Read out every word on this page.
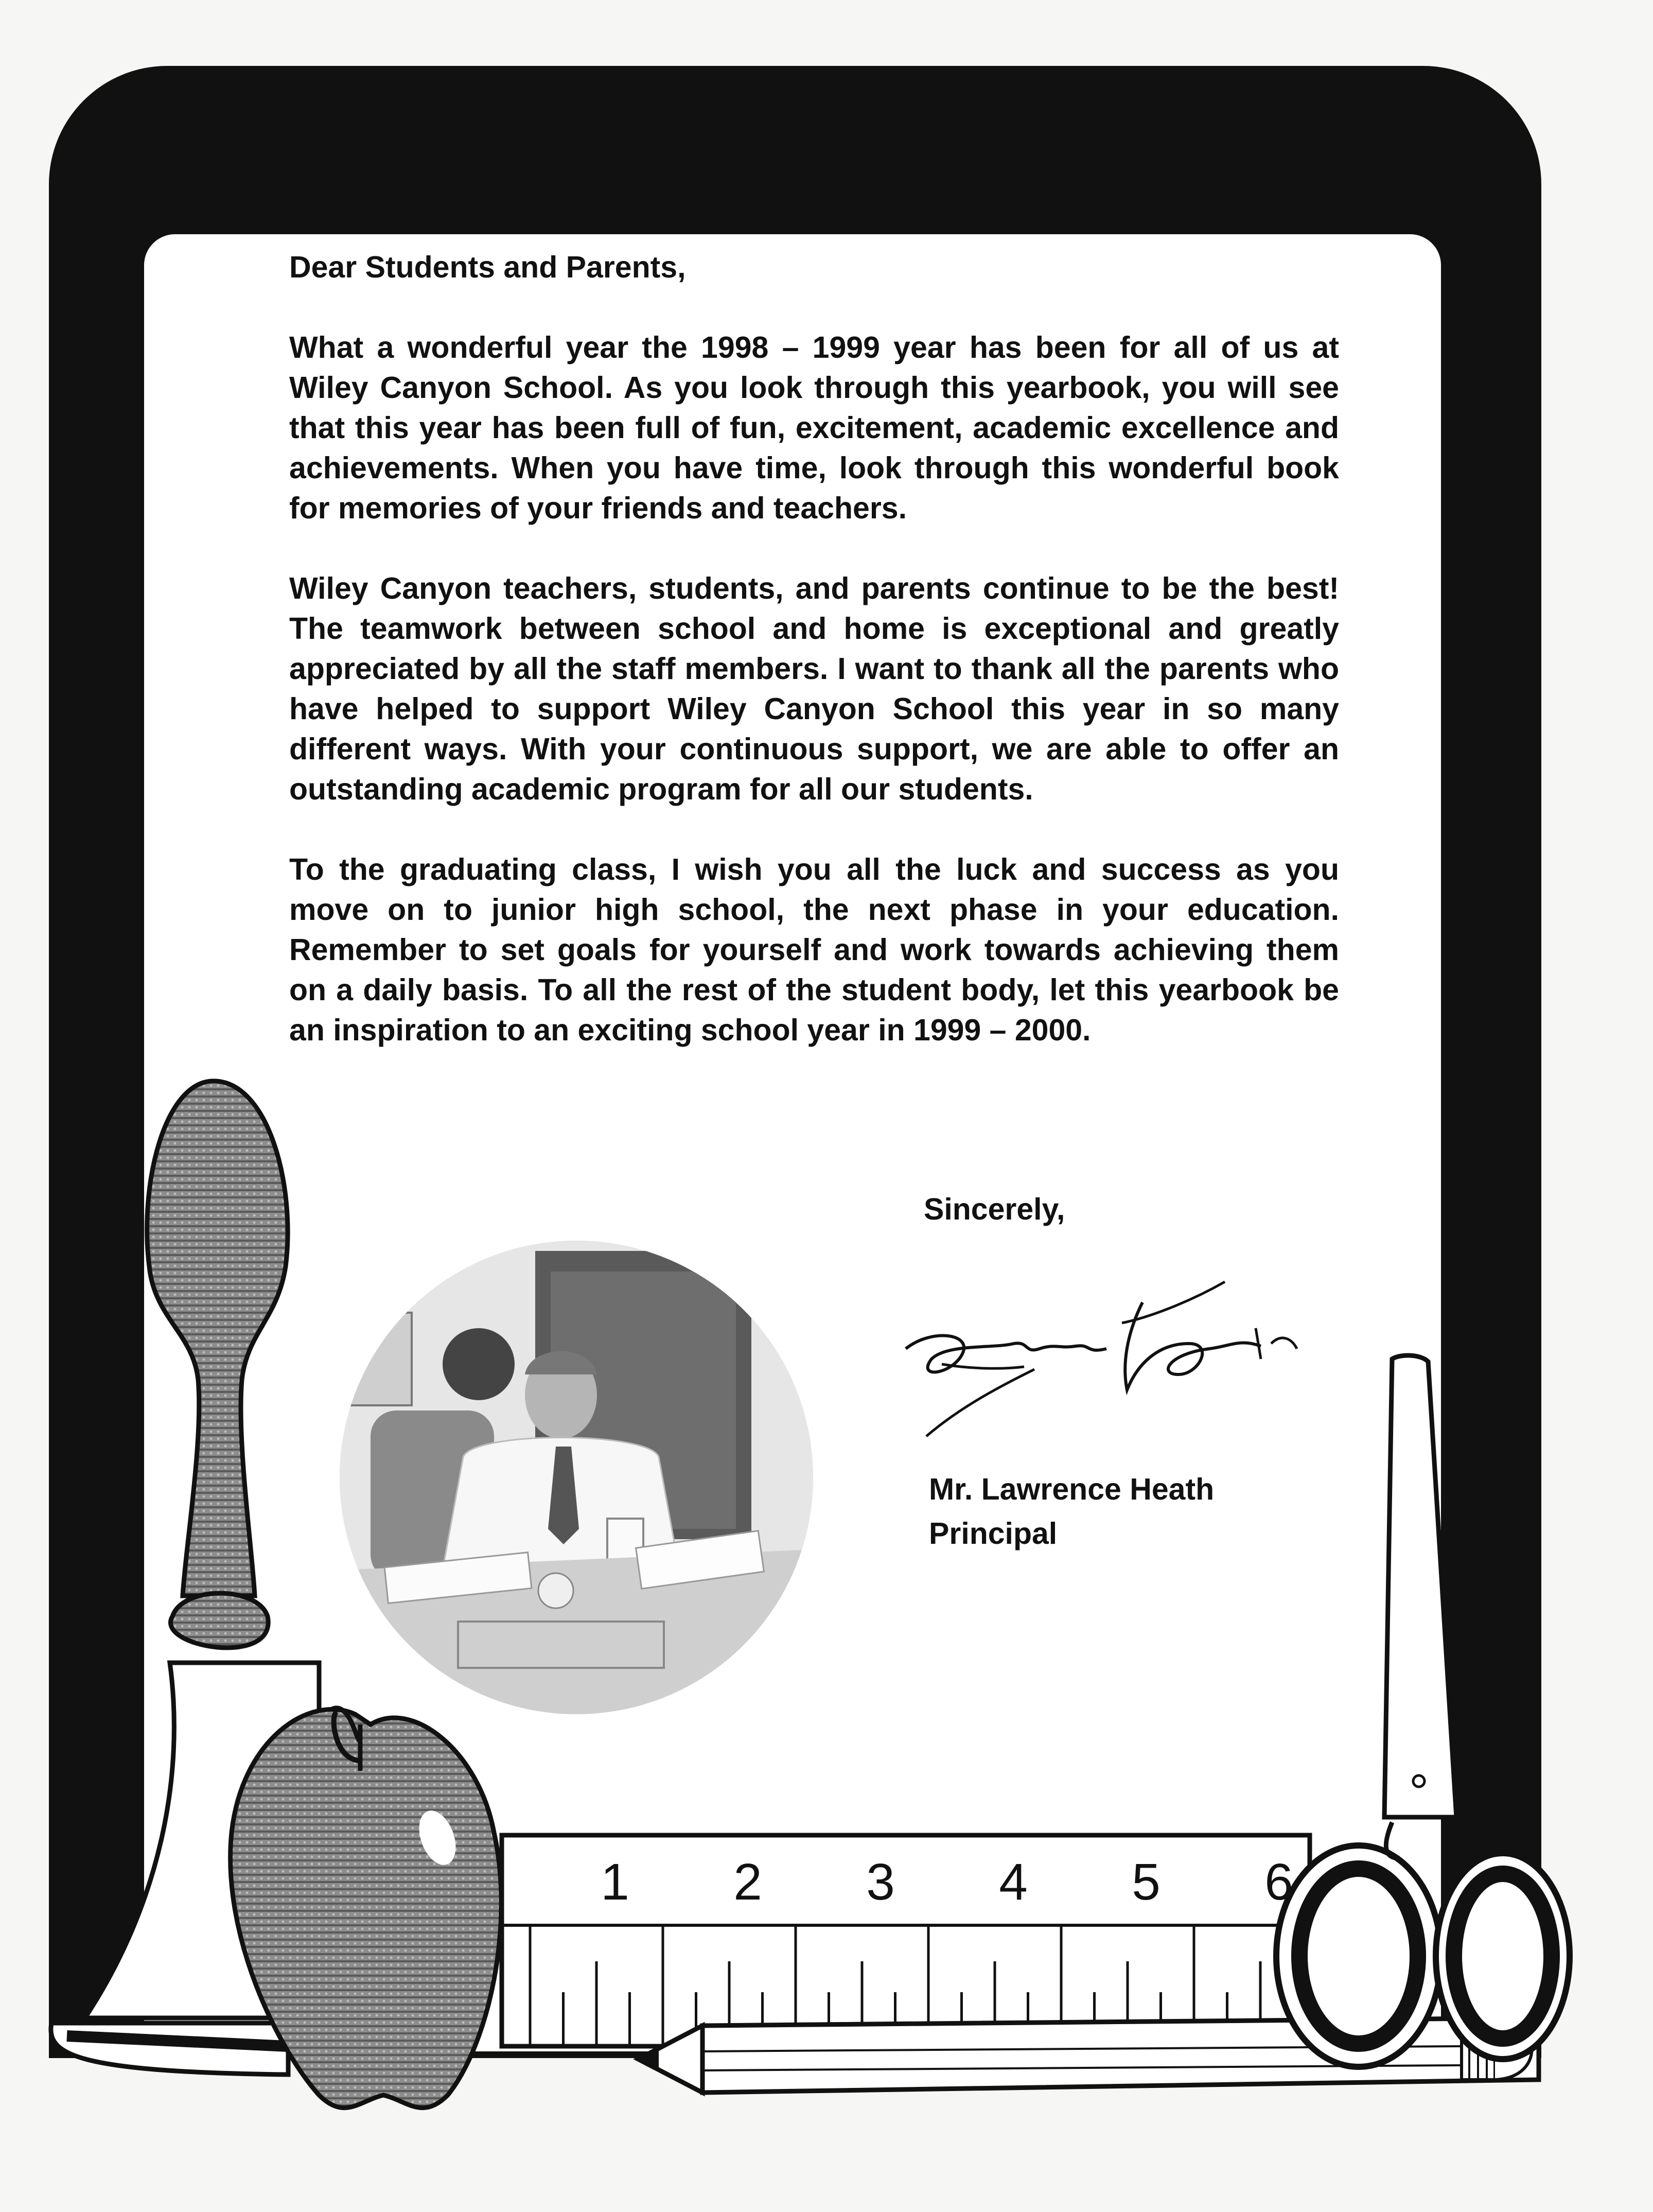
Dear Students and Parents,

What a wonderful year the 1998 – 1999 year has been for all of us at Wiley Canyon School. As you look through this yearbook, you will see that this year has been full of fun, excitement, academic excellence and achievements. When you have time, look through this wonderful book for memories of your friends and teachers.

Wiley Canyon teachers, students, and parents continue to be the best! The teamwork between school and home is exceptional and greatly appreciated by all the staff members. I want to thank all the parents who have helped to support Wiley Canyon School this year in so many different ways. With your continuous support, we are able to offer an outstanding academic program for all our students.

To the graduating class, I wish you all the luck and success as you move on to junior high school, the next phase in your education. Remember to set goals for yourself and work towards achieving them on a daily basis. To all the rest of the student body, let this yearbook be an inspiration to an exciting school year in 1999 – 2000.

Sincerely,
Mr. Lawrence Heath
Principal
1 2 3 4 5 6
